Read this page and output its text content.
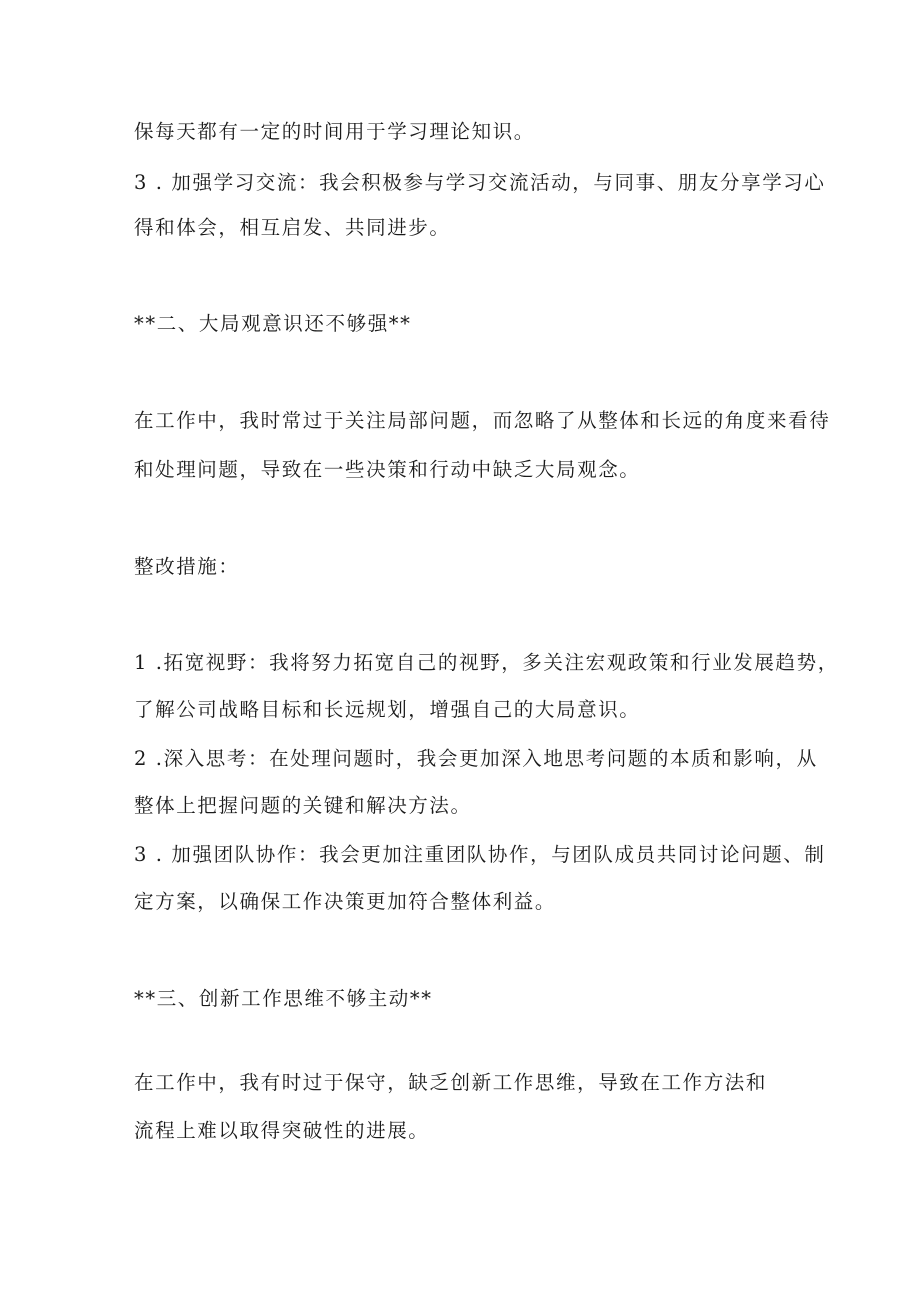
保每天都有一定的时间用于学习理论知识。
3 . 加强学习交流：我会积极参与学习交流活动，与同事、朋友分享学习心
得和体会，相互启发、共同进步。
**二、大局观意识还不够强**
在工作中，我时常过于关注局部问题，而忽略了从整体和长远的角度来看待
和处理问题，导致在一些决策和行动中缺乏大局观念。
整改措施：
1 .拓宽视野：我将努力拓宽自己的视野，多关注宏观政策和行业发展趋势，
了解公司战略目标和长远规划，增强自己的大局意识。
2 .深入思考：在处理问题时，我会更加深入地思考问题的本质和影响，从
整体上把握问题的关键和解决方法。
3 . 加强团队协作：我会更加注重团队协作，与团队成员共同讨论问题、制
定方案，以确保工作决策更加符合整体利益。
**三、创新工作思维不够主动**
在工作中，我有时过于保守，缺乏创新工作思维，导致在工作方法和
流程上难以取得突破性的进展。
